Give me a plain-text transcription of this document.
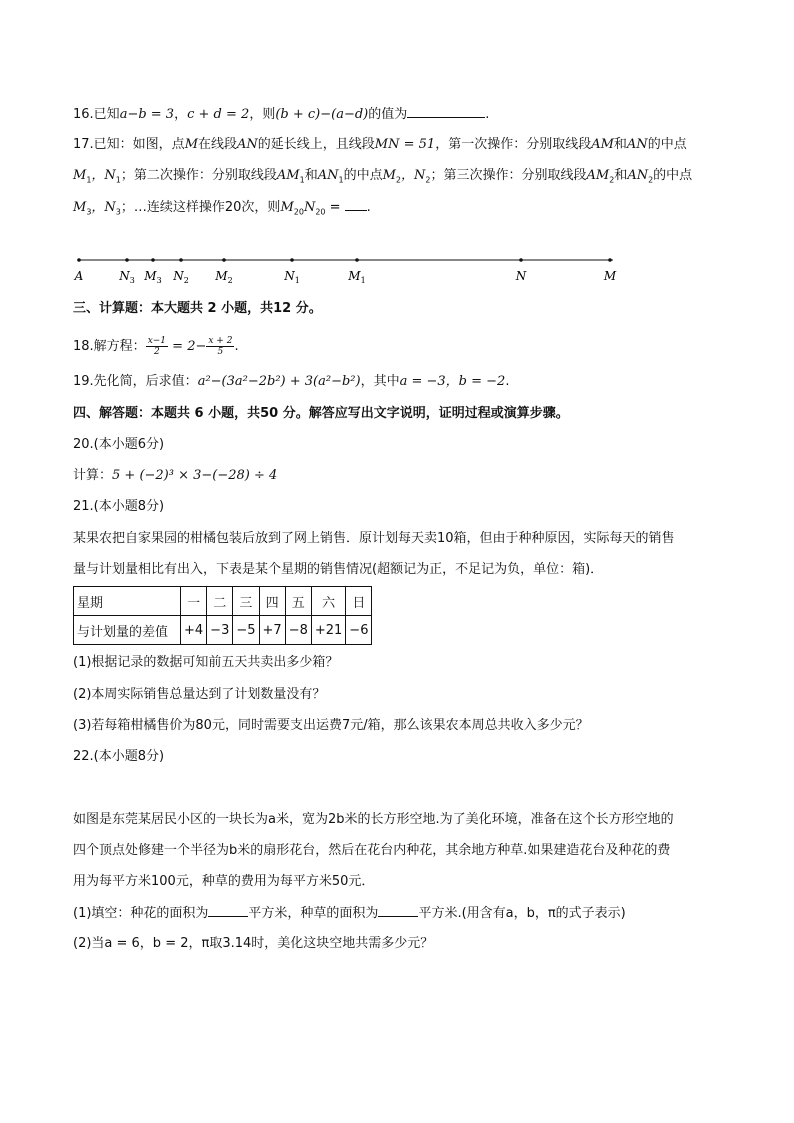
16.已知a−b = 3，c + d = 2，则(b + c)−(a−d)的值为	.
17.已知：如图，点M在线段AN的延长线上，且线段MN = 51，第一次操作：分别取线段AM和AN的中点
$M_1$，$N_1$；第二次操作：分别取线段$AM_1$和$AN_1$的中点$M_2$，$N_2$；第三次操作：分别取线段$AM_2$和$AN_2$的中点
$M_3$，$N_3$；…连续这样操作20次，则$M_{20}N_{20}$ = .
A	$N_3$ $M_3$ $N_2$ $M_2$	$N_1$	$M_1$	N	M
三、计算题：本大题共 2 小题，共12 分。
18.解方程： $\frac{x-1}{2} = 2- \frac{x + 2}{5}$ .
19.先化简，后求值：a²−(3a²−2b²) + 3(a²−b²)，其中a = −3，b = −2.
四、解答题：本题共 6 小题，共50 分。解答应写出文字说明，证明过程或演算步骤。
20.(本小题6分)
计算：5 + (−2)³ × 3−(−28) ÷ 4
21.(本小题8分)
某果农把自家果园的柑橘包装后放到了网上销售．原计划每天卖10箱，但由于种种原因，实际每天的销售
量与计划量相比有出入，下表是某个星期的销售情况(超额记为正，不足记为负，单位：箱)．
星期	一	二	三	四	五	六	日
与计划量的差值	+4	−3	−5	+7	−8	+21	−6
(1)根据记录的数据可知前五天共卖出多少箱？
(2)本周实际销售总量达到了计划数量没有？
(3)若每箱柑橘售价为80元，同时需要支出运费7元/箱，那么该果农本周总共收入多少元？
22.(本小题8分)
如图是东莞某居民小区的一块长为a米，宽为2b米的长方形空地.为了美化环境，准备在这个长方形空地的
四个顶点处修建一个半径为b米的扇形花台，然后在花台内种花，其余地方种草.如果建造花台及种花的费
用为每平方米100元，种草的费用为每平方米50元．
(1)填空：种花的面积为	平方米，种草的面积为	平方米.(用含有a，b，π的式子表示)
(2)当a = 6，b = 2，π取3.14时，美化这块空地共需多少元？
